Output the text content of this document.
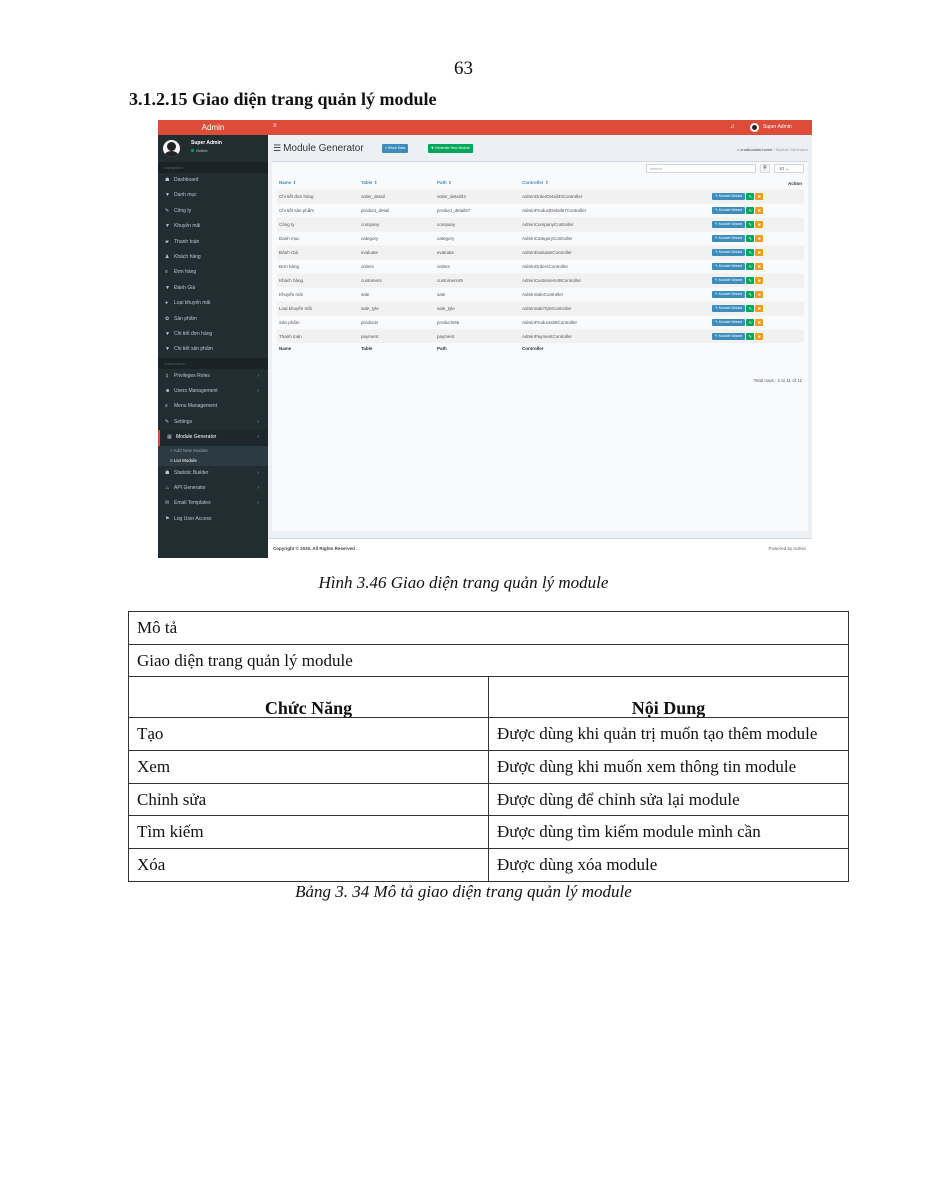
63
3.1.2.15 Giao diện trang quản lý module
Admin
Super Admin
Online
Navigation
☗ Dashboard
▼ Danh mục
✎ Công ty
▼ Khuyến mãi
▰ Thanh toán
♟ Khách hàng
≡ Đơn hàng
▼ Đánh Giá
● Loại khuyến mãi
✿ Sản phẩm
▼ Chi tiết đơn hàng
▼ Chi tiết sản phẩm
Superadmin
⚷ Privileges Roles	›
☻ Users Management	›
≡ Menu Management
✎ Settings	›
▦ Module Generator	›
+ Add New Module
≡ List Module
☗ Statistic Builder	›
♨ API Generator	›
✉ Email Templates	›
⚑ Log User Access
≡	♫	Super Admin
☰ Module Generator	≡ Show Data	✚ Generate New Module	⌂ crudbooster.home / Module Generator
search	⚲	10 ⌄
Name ⇕	Table ⇕	Path ⇕	Controller ⇕	Action
Chi tiết đơn hàng	order_detail	order_detail33	AdminOrderDetail33Controller	✎ Module Wizard ✎ ✖
Chi tiết sản phẩm	product_detail	product_detail57	AdminProductDetail57Controller	✎ Module Wizard ✎ ✖
Công ty	company	company	AdminCompanyController	✎ Module Wizard ✎ ✖
Danh mục	category	category	AdminCategoryController	✎ Module Wizard ✎ ✖
Đánh Giá	evaluate	evaluate	AdminEvaluateController	✎ Module Wizard ✎ ✖
Đơn hàng	orders	orders	AdminOrdersController	✎ Module Wizard ✎ ✖
Khách hàng	customers	customers49	AdminCustomers49Controller	✎ Module Wizard ✎ ✖
Khuyến mãi	sale	sale	AdminSaleController	✎ Module Wizard ✎ ✖
Loại khuyến mãi	sale_tyle	sale_tyle	AdminSaleTyleController	✎ Module Wizard ✎ ✖
Sản phẩm	products	products56	AdminProducts56Controller	✎ Module Wizard ✎ ✖
Thanh toán	payment	payment	AdminPaymentController	✎ Module Wizard ✎ ✖
Name	Table	Path	Controller	
Total rows : 1 to 11 of 11
Copyright © 2020. All Rights Reserved .	Powered by Admin
Hình 3.46 Giao diện trang quản lý module
Mô tả	
Giao diện trang quản lý module	
Chức Năng	Nội Dung
Tạo	Được dùng khi quản trị muốn tạo thêm module
Xem	Được dùng khi muốn xem thông tin module
Chỉnh sửa	Được dùng để chỉnh sửa lại module
Tìm kiếm	Được dùng tìm kiếm module mình cần
Xóa	Được dùng xóa module
Bảng 3. 34 Mô tả giao diện trang quản lý module
